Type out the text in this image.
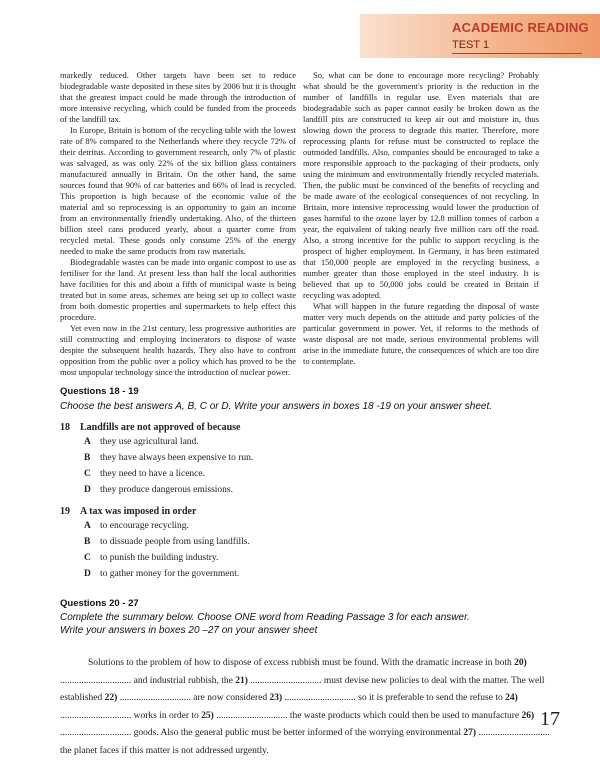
ACADEMIC READING
TEST 1

markedly reduced. Other targets have been set to reduce biodegradable waste deposited in these sites by 2006 but it is thought that the greatest impact could be made through the introduction of more intensive recycling, which could be funded from the proceeds of the landfill tax.

In Europe, Britain is bottom of the recycling table with the lowest rate of 8% compared to the Netherlands where they recycle 72% of their detritus. According to government research, only 7% of plastic was salvaged, as was only 22% of the six billion glass containers manufactured annually in Britain. On the other hand, the same sources found that 90% of car batteries and 66% of lead is recycled. This proportion is high because of the economic value of the material and so reprocessing is an opportunity to gain an income from an environmentally friendly undertaking. Also, of the thirteen billion steel cans produced yearly, about a quarter come from recycled metal. These goods only consume 25% of the energy needed to make the same products from raw materials.

Biodegradable wastes can be made into organic compost to use as fertiliser for the land. At present less than half the local authorities have facilities for this and about a fifth of municipal waste is being treated but in some areas, schemes are being set up to collect waste from both domestic properties and supermarkets to help effect this procedure.

Yet even now in the 21st century, less progressive authorities are still constructing and employing incinerators to dispose of waste despite the subsequent health hazards. They also have to confront opposition from the public over a policy which has proved to be the most unpopular technology since the introduction of nuclear power.

So, what can be done to encourage more recycling? Probably what should be the government's priority is the reduction in the number of landfills in regular use. Even materials that are biodegradable such as paper cannot easily be broken down as the landfill pits are constructed to keep air out and moisture in, thus slowing down the process to degrade this matter. Therefore, more reprocessing plants for refuse must be constructed to replace the outmoded landfills. Also, companies should be encouraged to take a more responsible approach to the packaging of their products, only using the minimum and environmentally friendly recycled materials. Then, the public must be convinced of the benefits of recycling and be made aware of the ecological consequences of not recycling. In Britain, more intensive reprocessing would lower the production of gases harmful to the ozone layer by 12.8 million tonnes of carbon a year, the equivalent of taking nearly five million cars off the road. Also, a strong incentive for the public to support recycling is the prospect of higher employment. In Germany, it has been estimated that 150,000 people are employed in the recycling business, a number greater than those employed in the steel industry. It is believed that up to 50,000 jobs could be created in Britain if recycling was adopted.

What will happen in the future regarding the disposal of waste matter very much depends on the attitude and party policies of the particular government in power. Yet, if reforms to the methods of waste disposal are not made, serious environmental problems will arise in the immediate future, the consequences of which are too dire to contemplate.

Questions 18 - 19
Choose the best answers A, B, C or D. Write your answers in boxes 18 -19 on your answer sheet.
18 Landfills are not approved of because
A they use agricultural land.
B they have always been expensive to run.
C they need to have a licence.
D they produce dangerous emissions.
19 A tax was imposed in order
A to encourage recycling.
B to dissuade people from using landfills.
C to punish the building industry.
D to gather money for the government.
Questions 20 - 27
Complete the summary below. Choose ONE word from Reading Passage 3 for each answer.
Write your answers in boxes 20 –27 on your answer sheet

Solutions to the problem of how to dispose of excess rubbish must be found. With the dramatic increase in both 20) .............................. and industrial rubbish, the 21) .............................. must devise new policies to deal with the matter. The well established 22) .............................. are now considered 23) .............................. so it is preferable to send the refuse to 24) .............................. works in order to 25) .............................. the waste products which could then be used to manufacture 26) .............................. goods. Also the general public must be better informed of the worrying environmental 27) .............................. the planet faces if this matter is not addressed urgently.

17
